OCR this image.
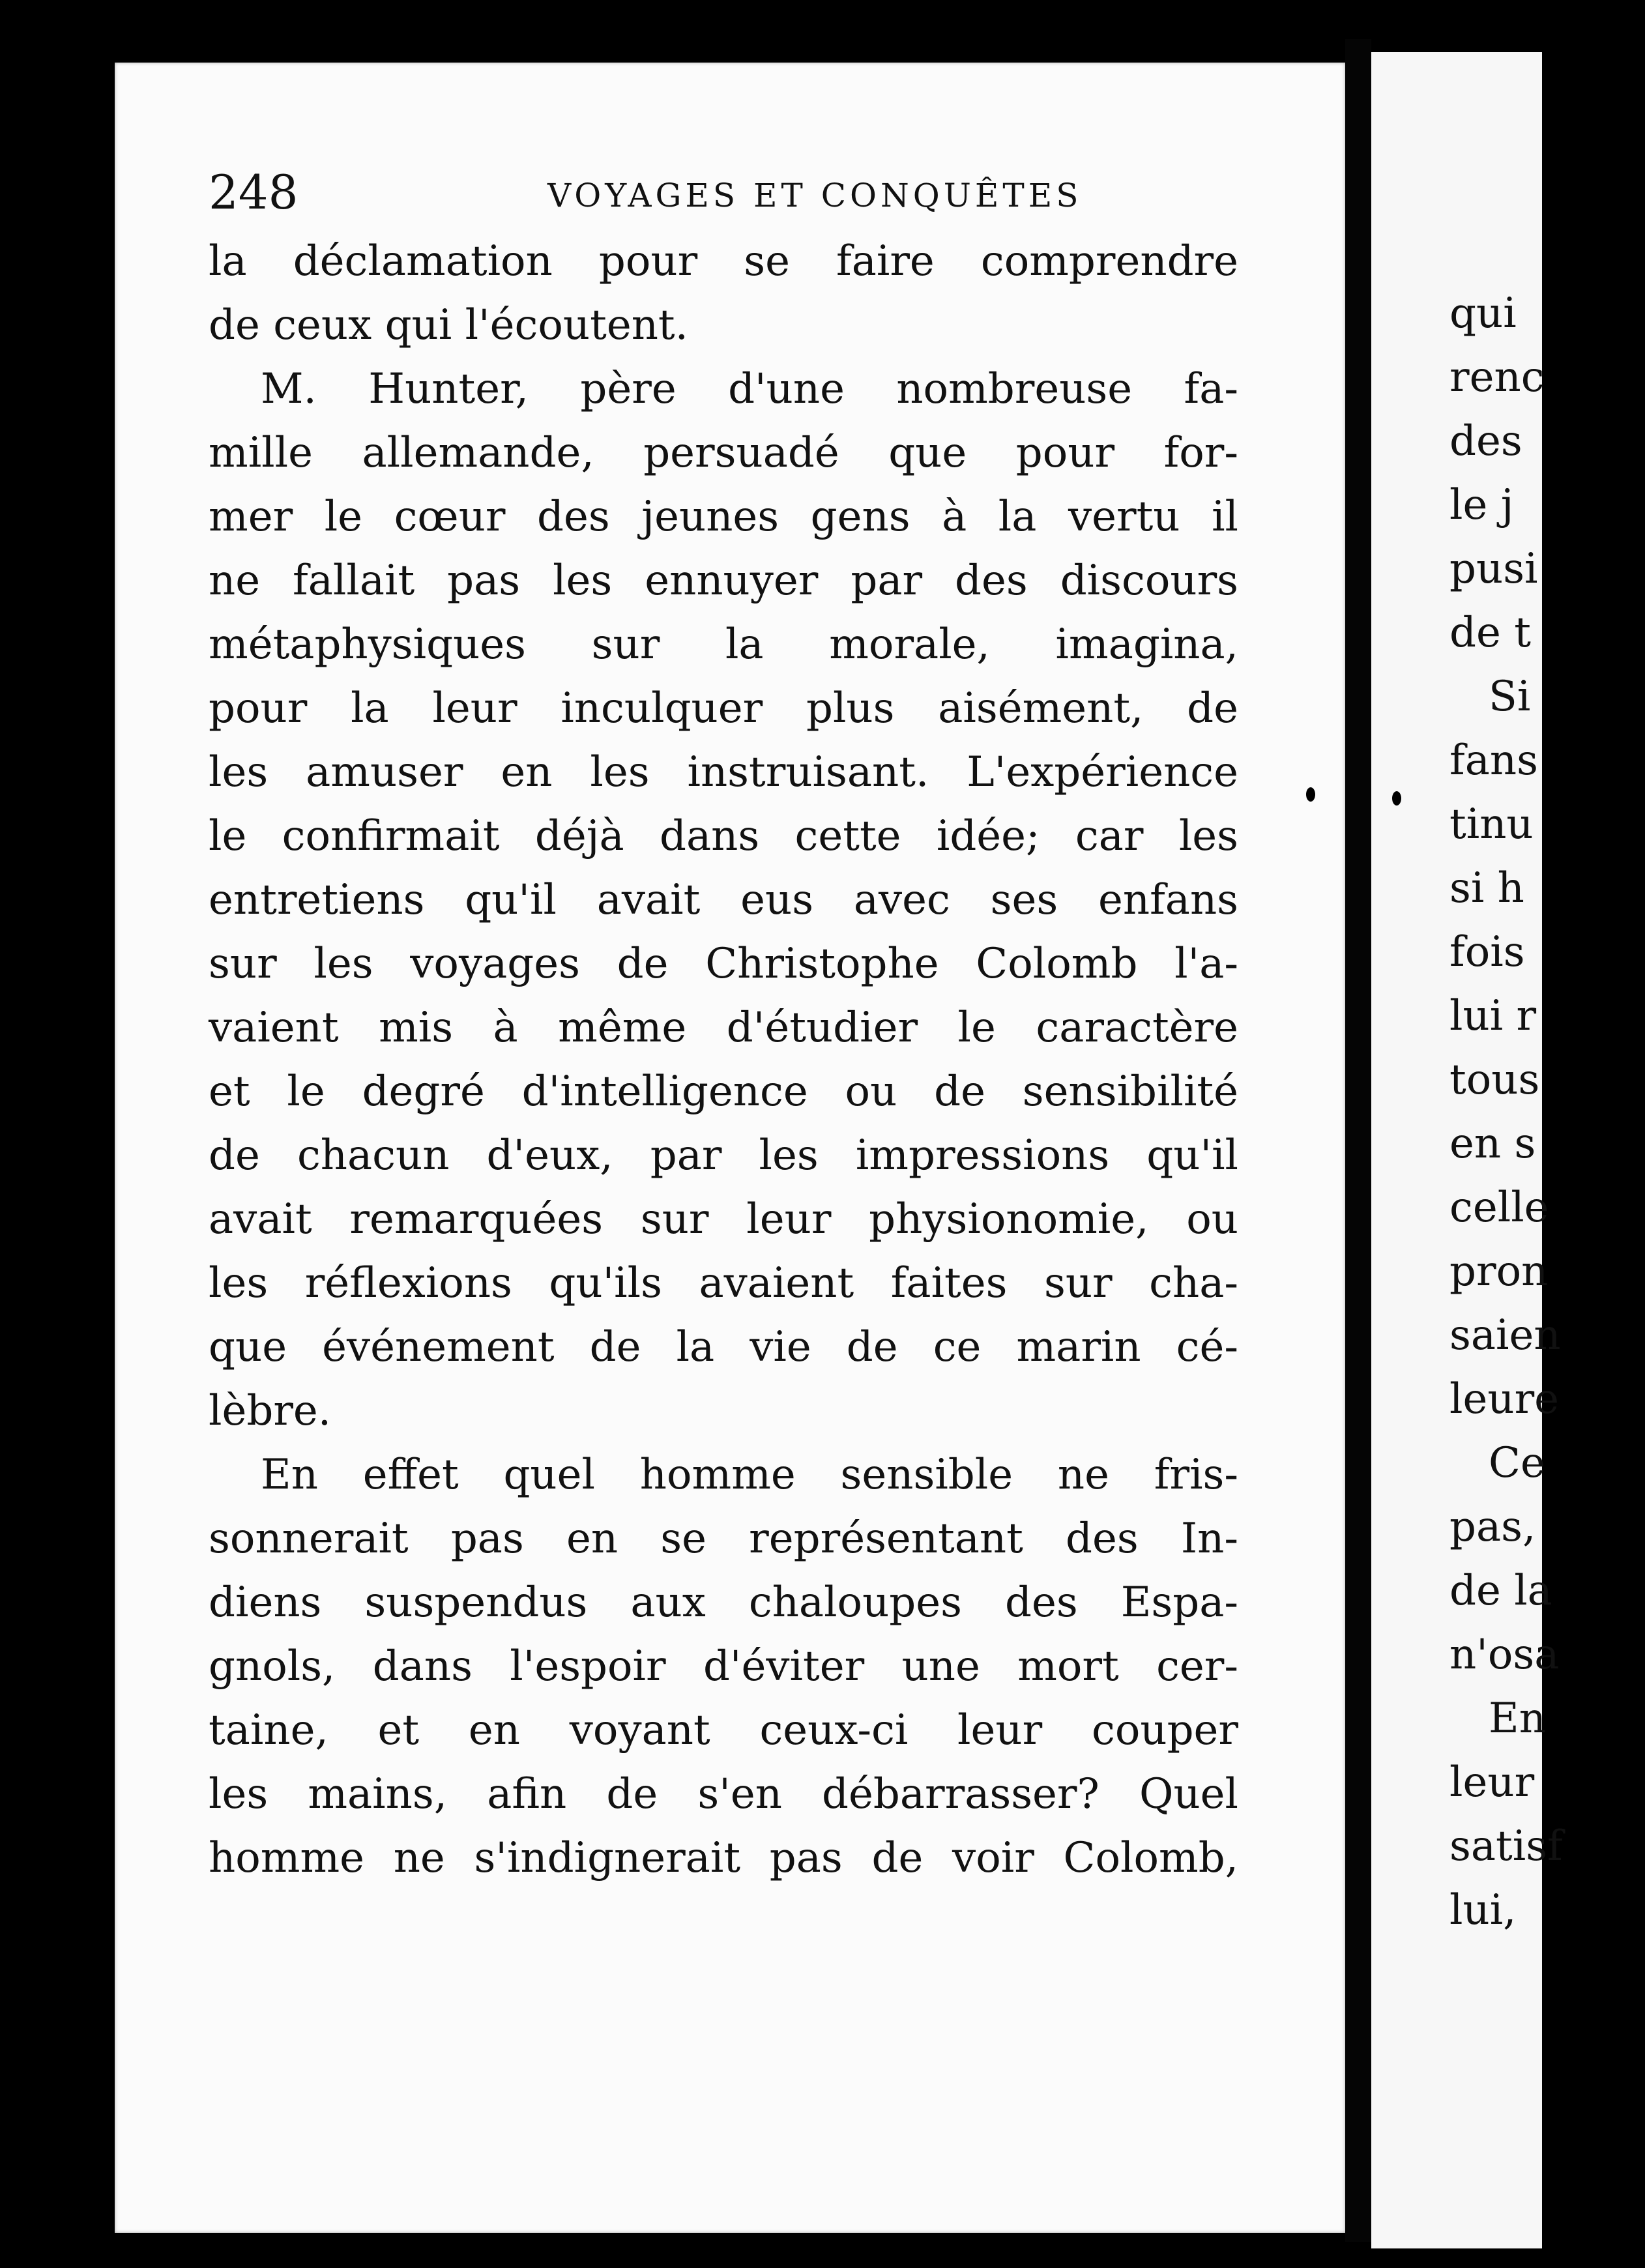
qui
renc
des
le j
pusi
de t
Si
fans
tinu
si h
fois
lui r
tous
en s
celle
pron
saien
leure
Ce
pas,
de la
n'osa
En
leur
satisf
lui,
248	VOYAGES ET CONQUÊTES
la déclamation pour se faire comprendre
de ceux qui l'écoutent.
M. Hunter, père d'une nombreuse fa-
mille allemande, persuadé que pour for-
mer le cœur des jeunes gens à la vertu il
ne fallait pas les ennuyer par des discours
métaphysiques sur la morale, imagina,
pour la leur inculquer plus aisément, de
les amuser en les instruisant. L'expérience
le confirmait déjà dans cette idée; car les
entretiens qu'il avait eus avec ses enfans
sur les voyages de Christophe Colomb l'a-
vaient mis à même d'étudier le caractère
et le degré d'intelligence ou de sensibilité
de chacun d'eux, par les impressions qu'il
avait remarquées sur leur physionomie, ou
les réflexions qu'ils avaient faites sur cha-
que événement de la vie de ce marin cé-
lèbre.
En effet quel homme sensible ne fris-
sonnerait pas en se représentant des In-
diens suspendus aux chaloupes des Espa-
gnols, dans l'espoir d'éviter une mort cer-
taine, et en voyant ceux-ci leur couper
les mains, afin de s'en débarrasser? Quel
homme ne s'indignerait pas de voir Colomb,
